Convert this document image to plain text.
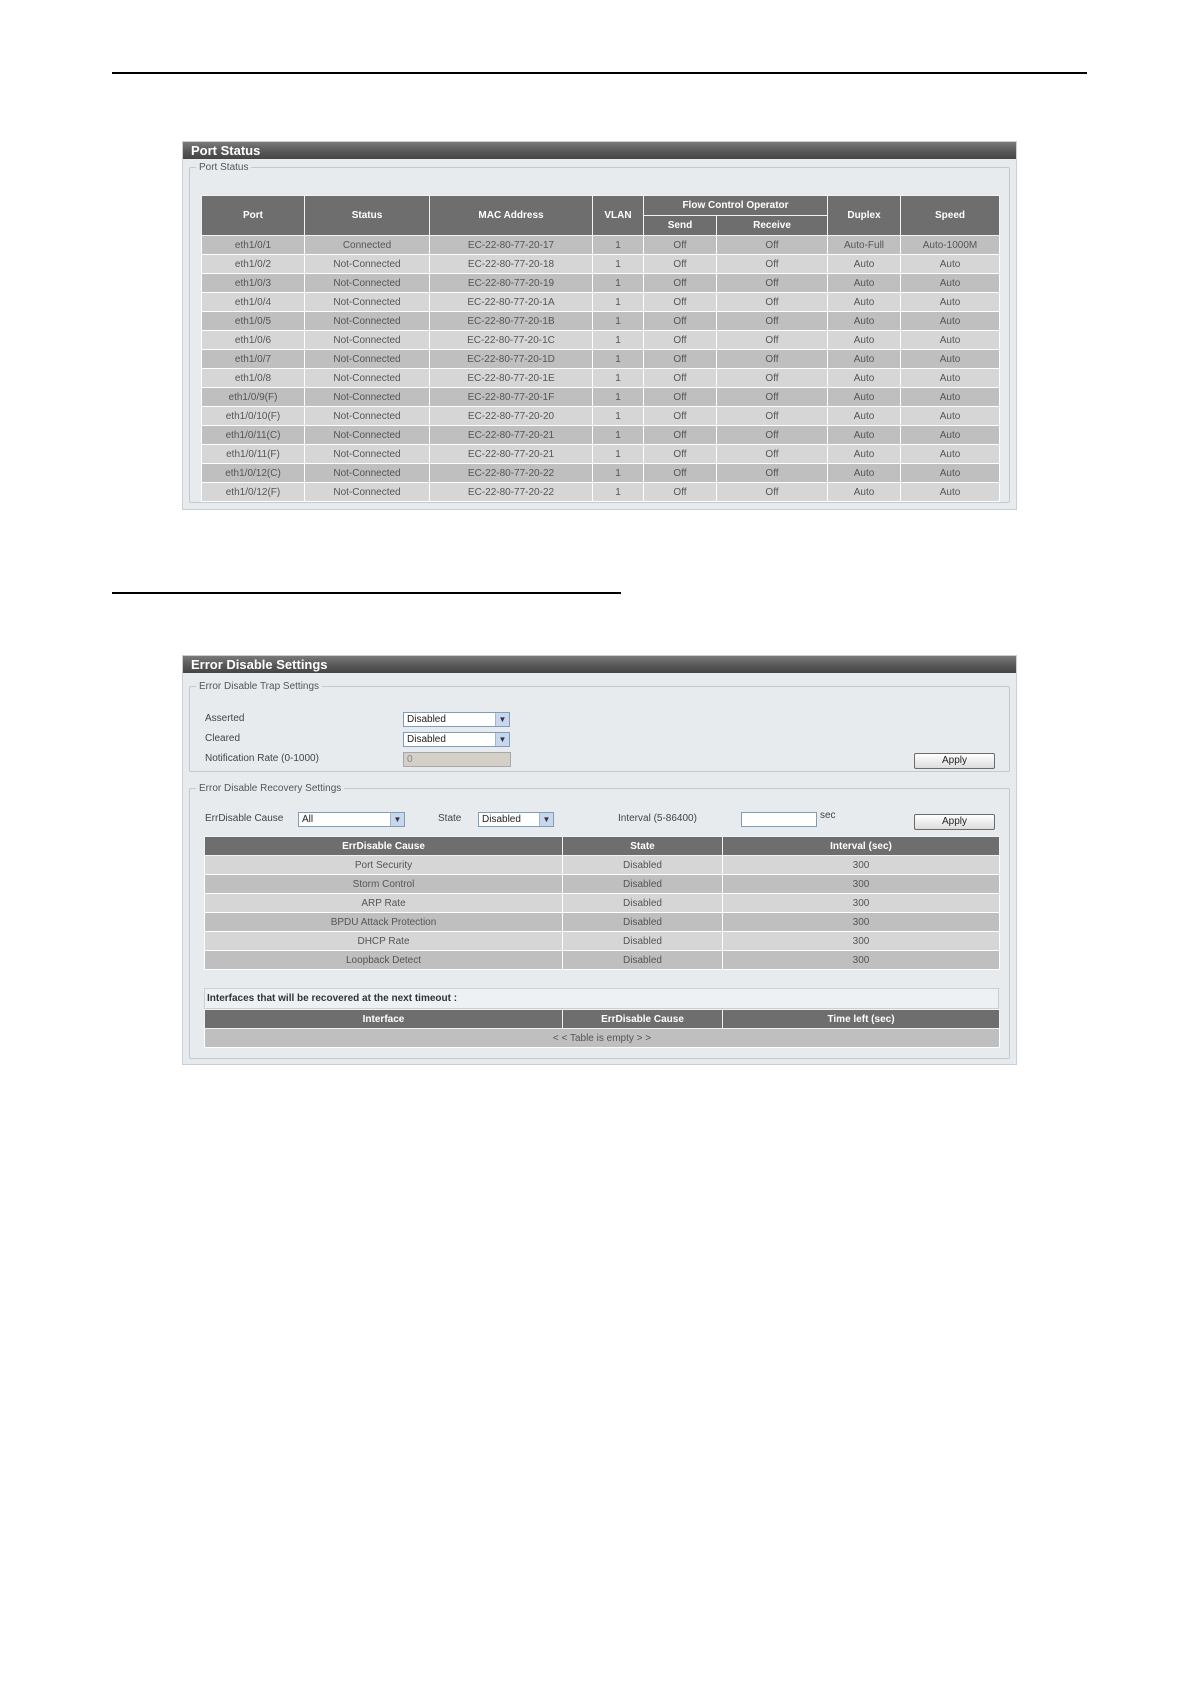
Port Status
Port Status
Port	Status	MAC Address	VLAN	Flow Control Operator		Duplex	Speed
				Send	Receive		
eth1/0/1	Connected	EC-22-80-77-20-17	1	Off	Off	Auto-Full	Auto-1000M
eth1/0/2	Not-Connected	EC-22-80-77-20-18	1	Off	Off	Auto	Auto
eth1/0/3	Not-Connected	EC-22-80-77-20-19	1	Off	Off	Auto	Auto
eth1/0/4	Not-Connected	EC-22-80-77-20-1A	1	Off	Off	Auto	Auto
eth1/0/5	Not-Connected	EC-22-80-77-20-1B	1	Off	Off	Auto	Auto
eth1/0/6	Not-Connected	EC-22-80-77-20-1C	1	Off	Off	Auto	Auto
eth1/0/7	Not-Connected	EC-22-80-77-20-1D	1	Off	Off	Auto	Auto
eth1/0/8	Not-Connected	EC-22-80-77-20-1E	1	Off	Off	Auto	Auto
eth1/0/9(F)	Not-Connected	EC-22-80-77-20-1F	1	Off	Off	Auto	Auto
eth1/0/10(F)	Not-Connected	EC-22-80-77-20-20	1	Off	Off	Auto	Auto
eth1/0/11(C)	Not-Connected	EC-22-80-77-20-21	1	Off	Off	Auto	Auto
eth1/0/11(F)	Not-Connected	EC-22-80-77-20-21	1	Off	Off	Auto	Auto
eth1/0/12(C)	Not-Connected	EC-22-80-77-20-22	1	Off	Off	Auto	Auto
eth1/0/12(F)	Not-Connected	EC-22-80-77-20-22	1	Off	Off	Auto	Auto
Error Disable Settings
Error Disable Trap Settings
Asserted	Disabled	▼
Cleared	Disabled	▼
Notification Rate (0-1000)	0	Apply
Error Disable Recovery Settings
ErrDisable Cause	All	▼	State	Disabled	▼	Interval (5-86400)	sec
Apply
ErrDisable Cause	State	Interval (sec)
Port Security	Disabled	300
Storm Control	Disabled	300
ARP Rate	Disabled	300
BPDU Attack Protection	Disabled	300
DHCP Rate	Disabled	300
Loopback Detect	Disabled	300
Interfaces that will be recovered at the next timeout :
Interface	ErrDisable Cause	Time left (sec)
< < Table is empty > >
